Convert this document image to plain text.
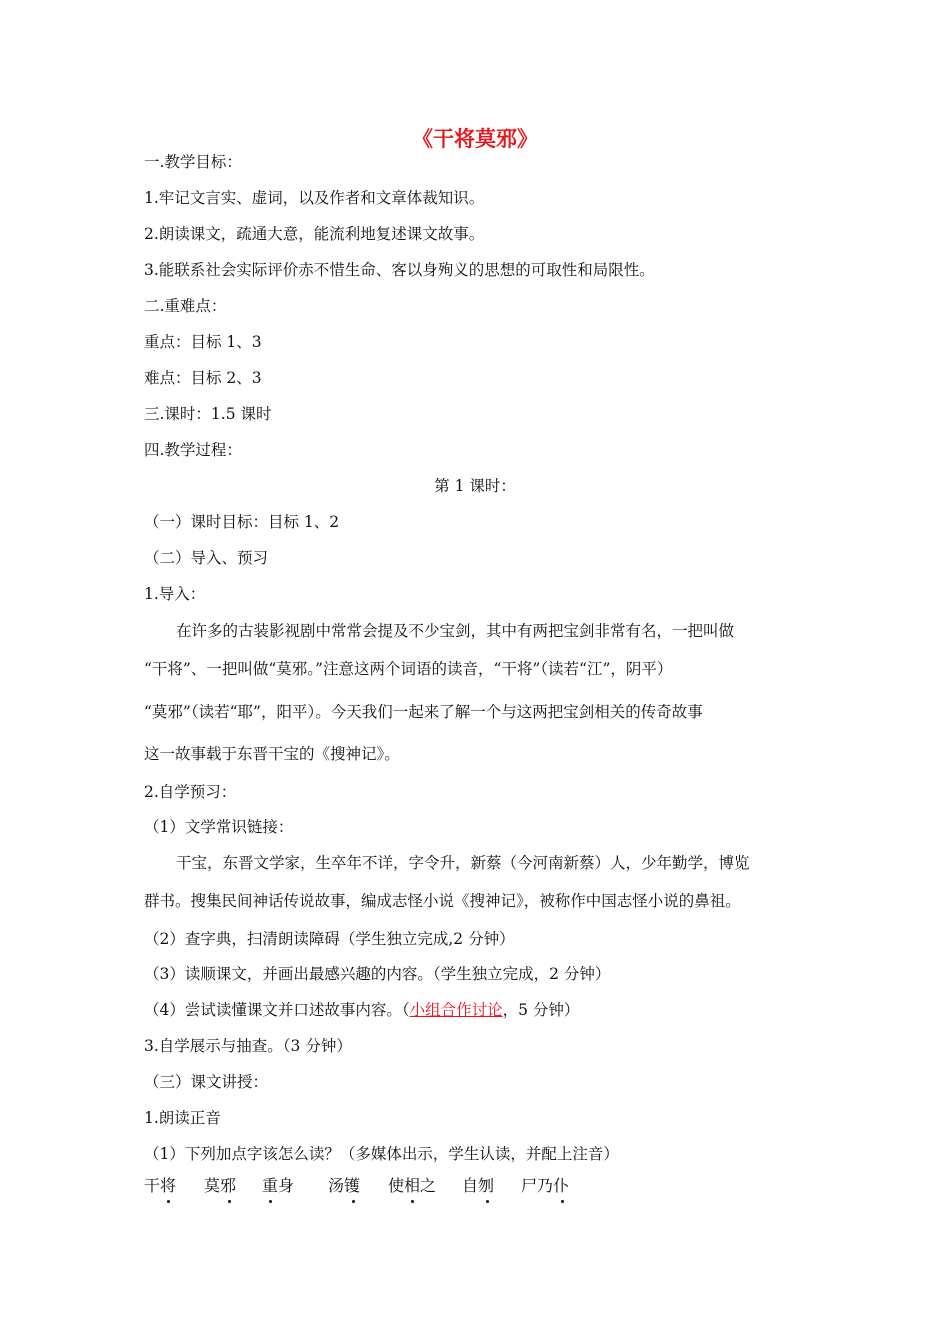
《干将莫邪》
一.教学目标：
1.牢记文言实、虚词，以及作者和文章体裁知识。
2.朗读课文，疏通大意，能流利地复述课文故事。
3.能联系社会实际评价赤不惜生命、客以身殉义的思想的可取性和局限性。
二.重难点：
重点：目标 1、3
难点：目标 2、3
三.课时：1.5 课时
四.教学过程：
第 1 课时：
（一）课时目标：目标 1、2
（二）导入、预习
1.导入：
在许多的古装影视剧中常常会提及不少宝剑，其中有两把宝剑非常有名，一把叫做
“干将”、一把叫做“莫邪。”注意这两个词语的读音，“干将”（读若“江”，阴平）
“莫邪”（读若“耶”，阳平）。今天我们一起来了解一个与这两把宝剑相关的传奇故事
这一故事载于东晋干宝的《搜神记》。
2.自学预习：
（1）文学常识链接：
干宝，东晋文学家，生卒年不详，字令升，新蔡（今河南新蔡）人，少年勤学，博览
群书。搜集民间神话传说故事，编成志怪小说《搜神记》，被称作中国志怪小说的鼻祖。
（2）查字典，扫清朗读障碍（学生独立完成,2 分钟）
（3）读顺课文，并画出最感兴趣的内容。（学生独立完成，2 分钟）
（4）尝试读懂课文并口述故事内容。（小组合作讨论，5 分钟）
3.自学展示与抽查。（3 分钟）
（三）课文讲授：
1.朗读正音
（1）下列加点字该怎么读？（多媒体出示，学生认读，并配上注音）
干将 莫邪 重身 汤镬 使相之 自刎 尸乃仆
